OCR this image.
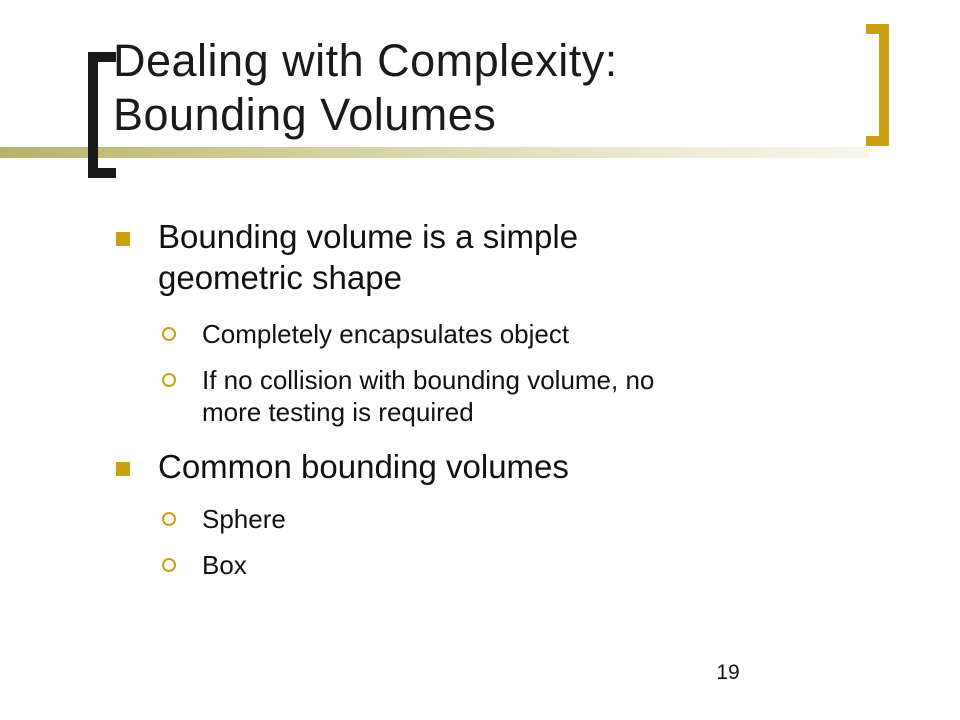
Dealing with Complexity:
Bounding Volumes
Bounding volume is a simple
geometric shape
Completely encapsulates object
If no collision with bounding volume, no
more testing is required
Common bounding volumes
Sphere
Box
19
